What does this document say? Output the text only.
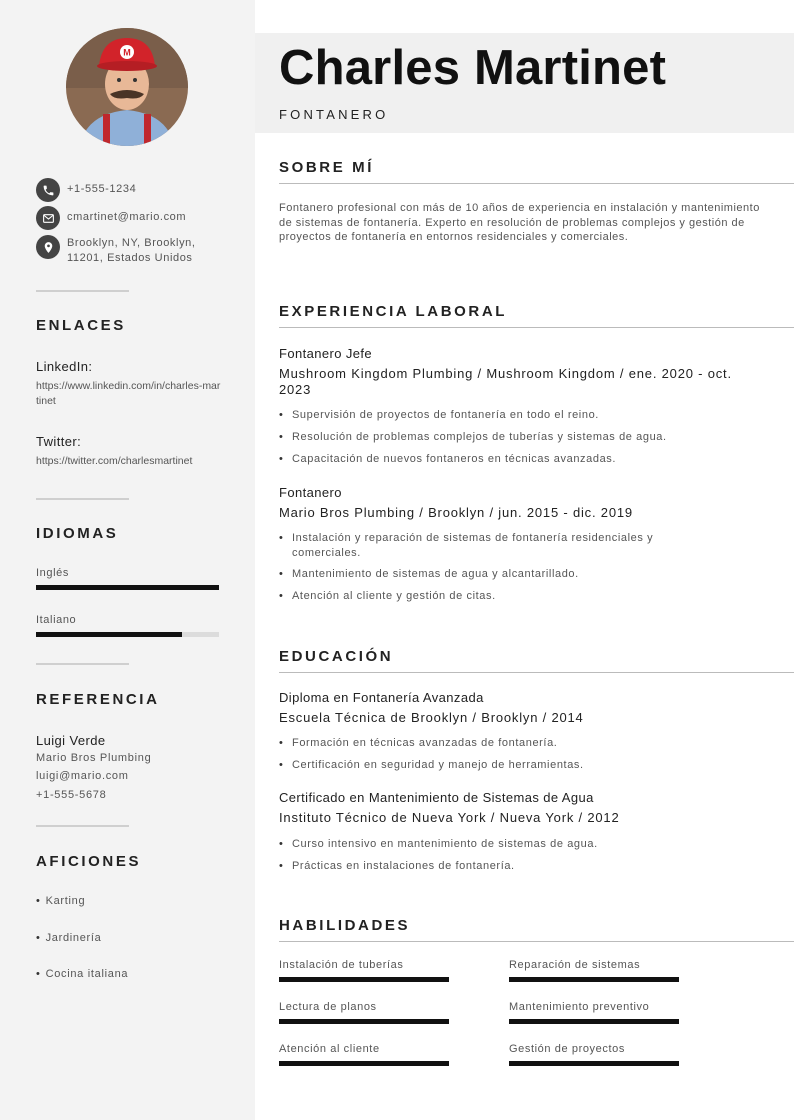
M
+1-555-1234
cmartinet@mario.com
Brooklyn, NY, Brooklyn,
11201, Estados Unidos
ENLACES
LinkedIn:
https://www.linkedin.com/in/charles-martinet
Twitter:
https://twitter.com/charlesmartinet
IDIOMAS
Inglés
Italiano
REFERENCIA
Luigi Verde
Mario Bros Plumbing
luigi@mario.com
+1-555-5678
AFICIONES
• Karting
• Jardinería
• Cocina italiana
Charles Martinet
FONTANERO
SOBRE MÍ
Fontanero profesional con más de 10 años de experiencia en instalación y mantenimiento de sistemas de fontanería. Experto en resolución de problemas complejos y gestión de proyectos de fontanería en entornos residenciales y comerciales.
EXPERIENCIA LABORAL
Fontanero Jefe
Mushroom Kingdom Plumbing / Mushroom Kingdom / ene. 2020 - oct. 2023
• Supervisión de proyectos de fontanería en todo el reino.
• Resolución de problemas complejos de tuberías y sistemas de agua.
• Capacitación de nuevos fontaneros en técnicas avanzadas.
Fontanero
Mario Bros Plumbing / Brooklyn / jun. 2015 - dic. 2019
• Instalación y reparación de sistemas de fontanería residenciales y comerciales.
• Mantenimiento de sistemas de agua y alcantarillado.
• Atención al cliente y gestión de citas.
EDUCACIÓN
Diploma en Fontanería Avanzada
Escuela Técnica de Brooklyn / Brooklyn / 2014
• Formación en técnicas avanzadas de fontanería.
• Certificación en seguridad y manejo de herramientas.
Certificado en Mantenimiento de Sistemas de Agua
Instituto Técnico de Nueva York / Nueva York / 2012
• Curso intensivo en mantenimiento de sistemas de agua.
• Prácticas en instalaciones de fontanería.
HABILIDADES
Instalación de tuberías	Reparación de sistemas
Lectura de planos	Mantenimiento preventivo
Atención al cliente	Gestión de proyectos
